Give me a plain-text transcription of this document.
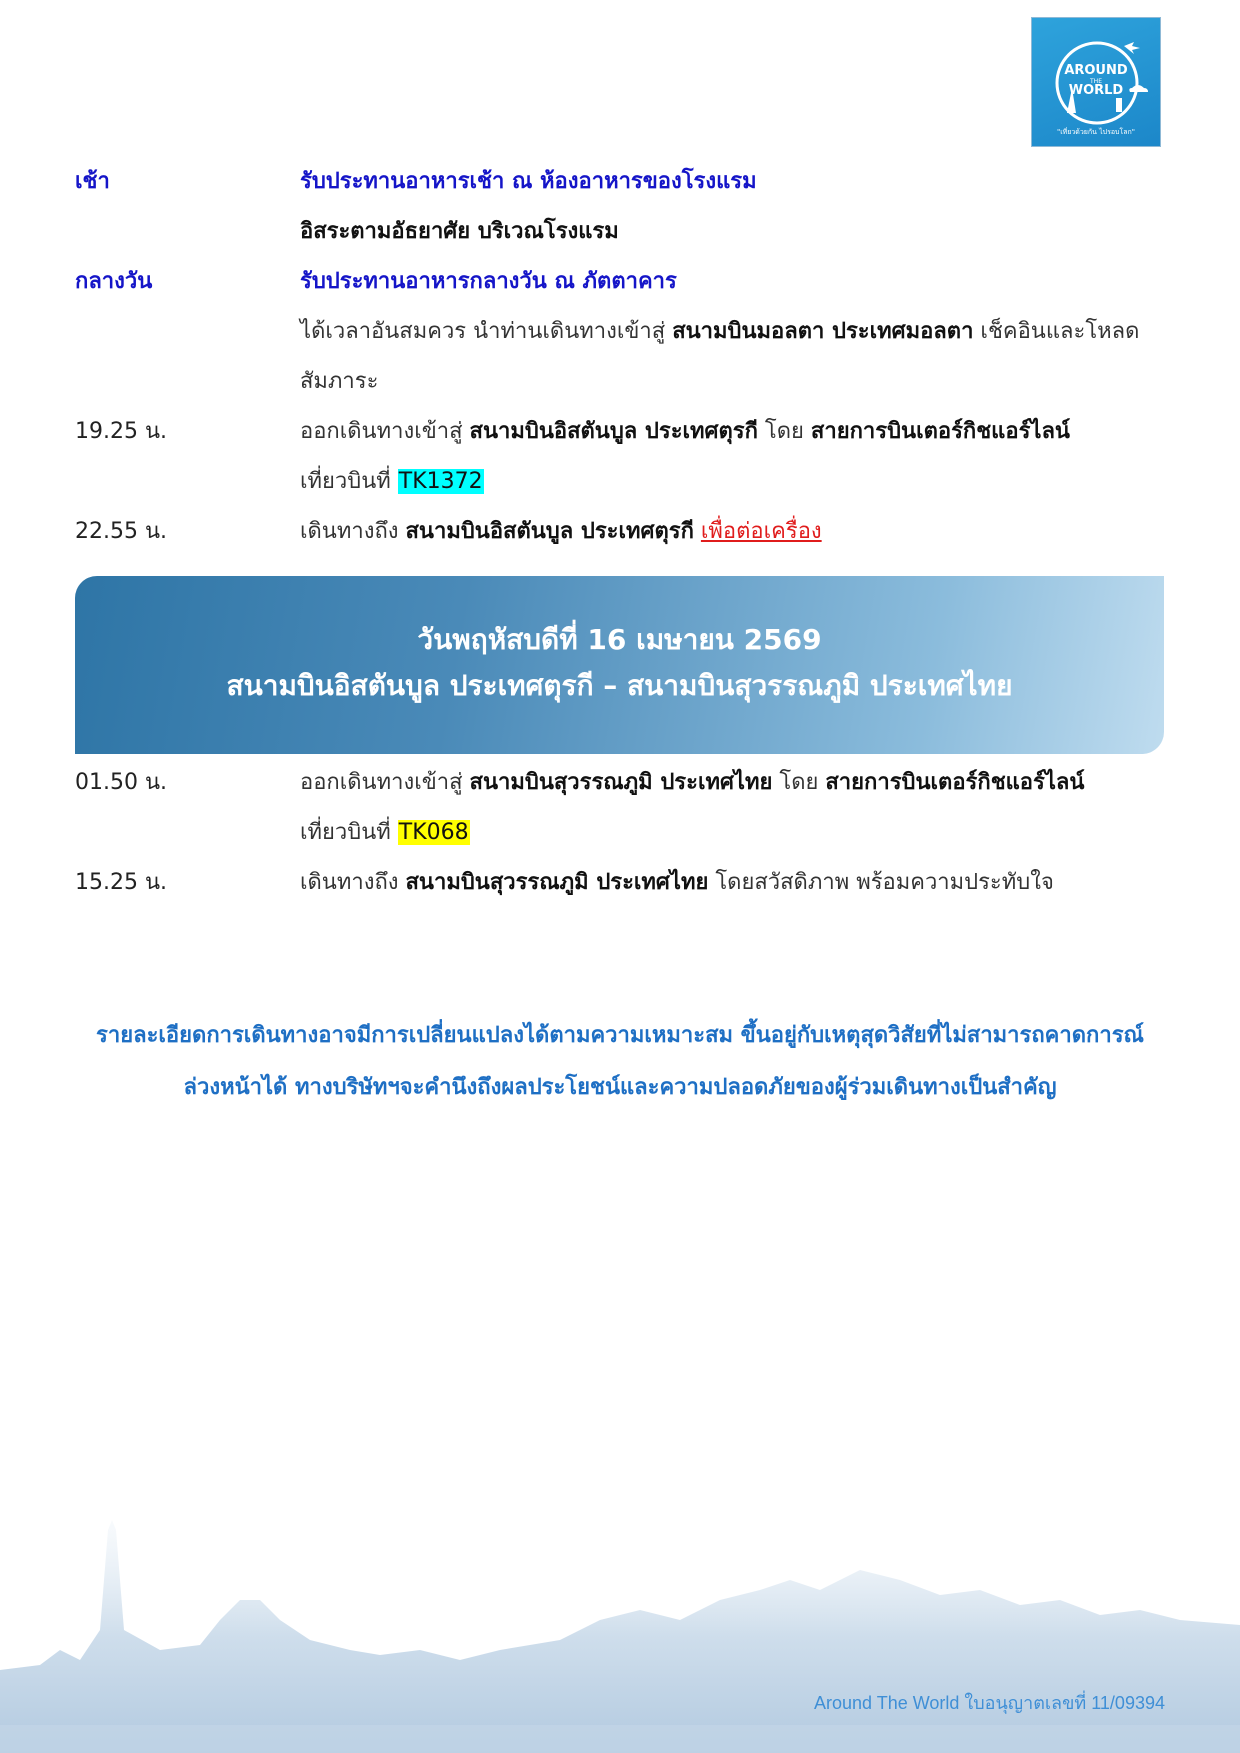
AROUND
THE
WORLD
"เที่ยวด้วยกัน ไปรอบโลก"
เช้า	รับประทานอาหารเช้า ณ ห้องอาหารของโรงแรม
อิสระตามอัธยาศัย บริเวณโรงแรม
กลางวัน	รับประทานอาหารกลางวัน ณ ภัตตาคาร
ได้เวลาอันสมควร นำท่านเดินทางเข้าสู่ สนามบินมอลตา ประเทศมอลตา เช็คอินและโหลด
สัมภาระ
19.25 น.	ออกเดินทางเข้าสู่ สนามบินอิสตันบูล ประเทศตุรกี โดย สายการบินเตอร์กิชแอร์ไลน์
เที่ยวบินที่ TK1372
22.55 น.	เดินทางถึง สนามบินอิสตันบูล ประเทศตุรกี เพื่อต่อเครื่อง
วันพฤหัสบดีที่ 16 เมษายน 2569
สนามบินอิสตันบูล ประเทศตุรกี – สนามบินสุวรรณภูมิ ประเทศไทย
01.50 น.	ออกเดินทางเข้าสู่ สนามบินสุวรรณภูมิ ประเทศไทย โดย สายการบินเตอร์กิชแอร์ไลน์
เที่ยวบินที่ TK068
15.25 น.	เดินทางถึง สนามบินสุวรรณภูมิ ประเทศไทย โดยสวัสดิภาพ พร้อมความประทับใจ
รายละเอียดการเดินทางอาจมีการเปลี่ยนแปลงได้ตามความเหมาะสม ขึ้นอยู่กับเหตุสุดวิสัยที่ไม่สามารถคาดการณ์
ล่วงหน้าได้ ทางบริษัทฯจะคำนึงถึงผลประโยชน์และความปลอดภัยของผู้ร่วมเดินทางเป็นสำคัญ
Around The World ใบอนุญาตเลขที่ 11/09394
